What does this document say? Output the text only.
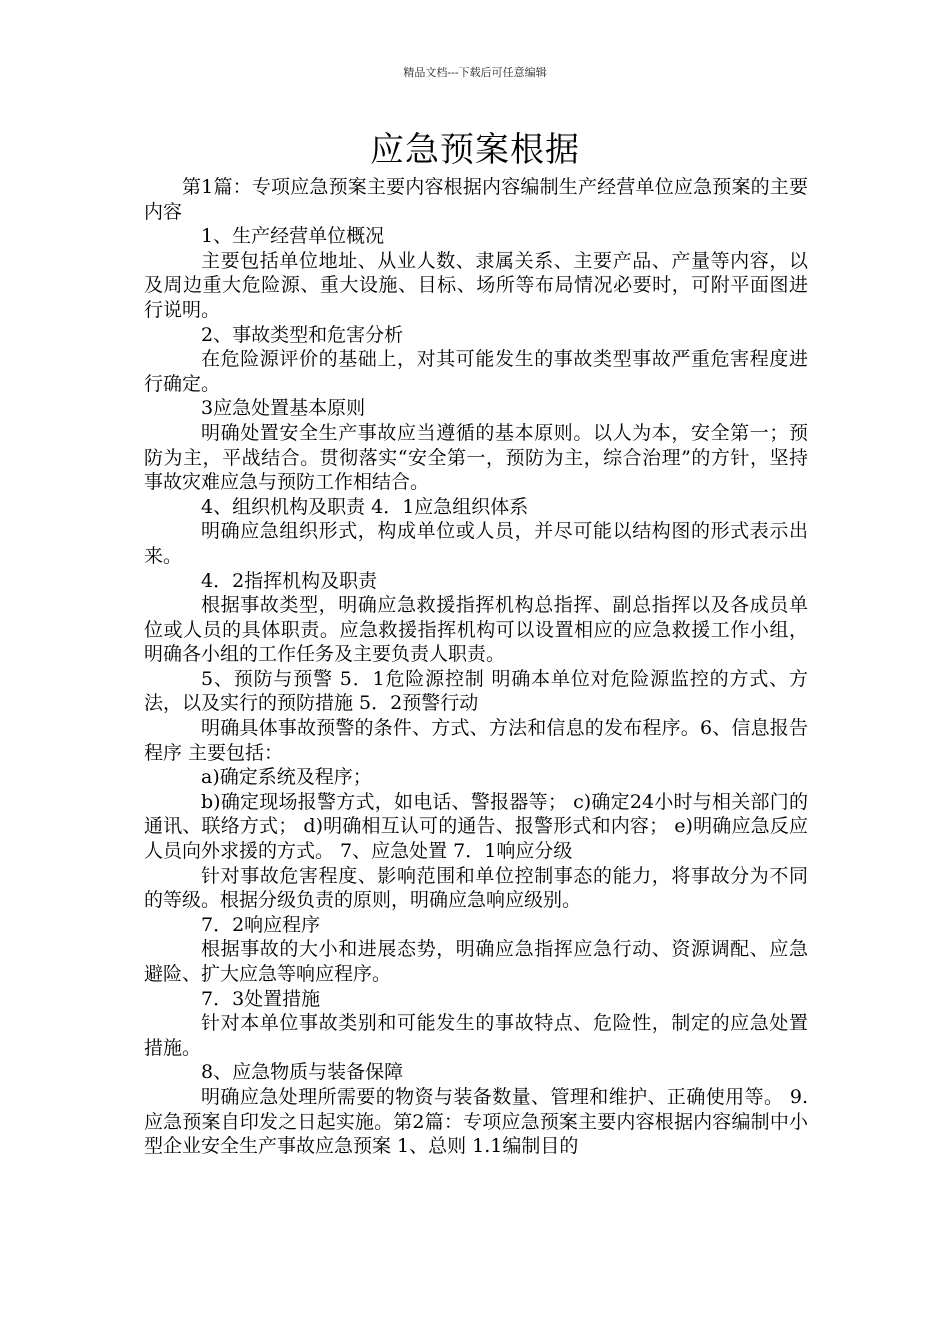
精品文档---下载后可任意编辑
应急预案根据

第1篇：专项应急预案主要内容根据内容编制生产经营单位应急预案的主要内容

1、生产经营单位概况

主要包括单位地址、从业人数、隶属关系、主要产品、产量等内容，以及周边重大危险源、重大设施、目标、场所等布局情况必要时，可附平面图进行说明。

2、事故类型和危害分析

在危险源评价的基础上，对其可能发生的事故类型事故严重危害程度进行确定。

3应急处置基本原则

明确处置安全生产事故应当遵循的基本原则。以人为本，安全第一；预防为主，平战结合。贯彻落实“安全第一，预防为主，综合治理”的方针，坚持事故灾难应急与预防工作相结合。

4、组织机构及职责 4．1应急组织体系

明确应急组织形式，构成单位或人员，并尽可能以结构图的形式表示出来。

4．2指挥机构及职责

根据事故类型，明确应急救援指挥机构总指挥、副总指挥以及各成员单位或人员的具体职责。应急救援指挥机构可以设置相应的应急救援工作小组，明确各小组的工作任务及主要负责人职责。

5、预防与预警 5．1危险源控制 明确本单位对危险源监控的方式、方法，以及实行的预防措施 5．2预警行动

明确具体事故预警的条件、方式、方法和信息的发布程序。6、信息报告程序 主要包括：

a)确定系统及程序；

b)确定现场报警方式，如电话、警报器等； c)确定24小时与相关部门的通讯、联络方式； d)明确相互认可的通告、报警形式和内容； e)明确应急反应人员向外求援的方式。 7、应急处置 7．1响应分级

针对事故危害程度、影响范围和单位控制事态的能力，将事故分为不同的等级。根据分级负责的原则，明确应急响应级别。

7．2响应程序

根据事故的大小和进展态势，明确应急指挥应急行动、资源调配、应急避险、扩大应急等响应程序。

7．3处置措施

针对本单位事故类别和可能发生的事故特点、危险性，制定的应急处置措施。

8、应急物质与装备保障

明确应急处理所需要的物资与装备数量、管理和维护、正确使用等。 9.应急预案自印发之日起实施。第2篇：专项应急预案主要内容根据内容编制中小型企业安全生产事故应急预案 1、总则 1.1编制目的
